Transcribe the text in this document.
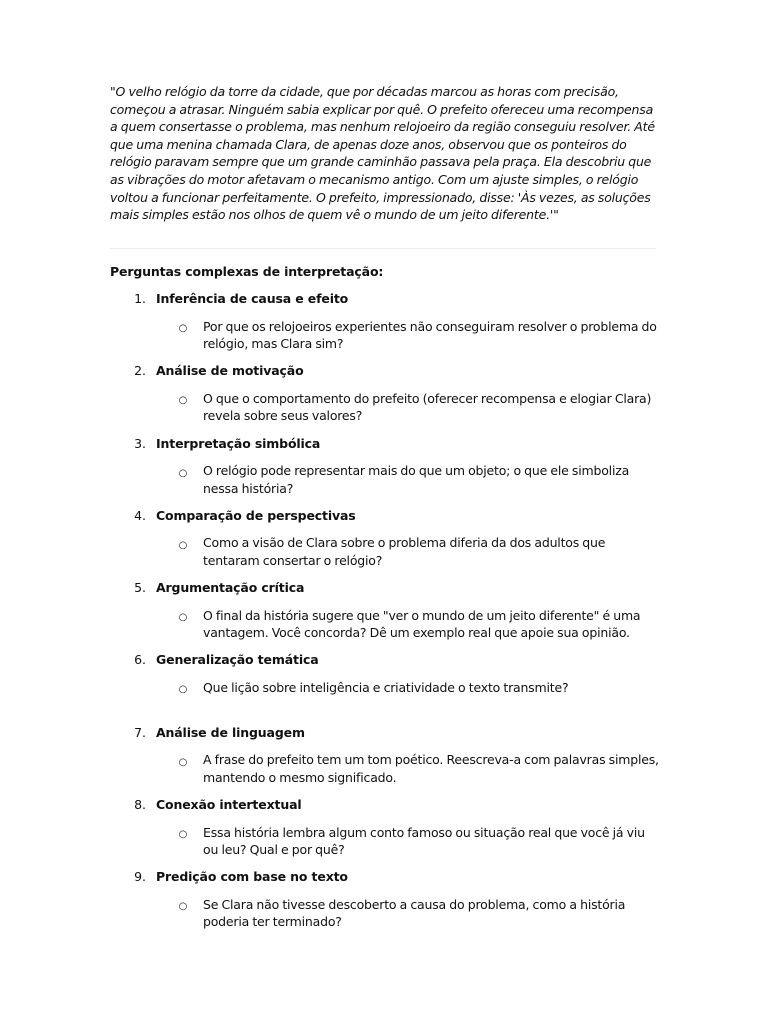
"O velho relógio da torre da cidade, que por décadas marcou as horas com precisão, começou a atrasar. Ninguém sabia explicar por quê. O prefeito ofereceu uma recompensa a quem consertasse o problema, mas nenhum relojoeiro da região conseguiu resolver. Até que uma menina chamada Clara, de apenas doze anos, observou que os ponteiros do relógio paravam sempre que um grande caminhão passava pela praça. Ela descobriu que as vibrações do motor afetavam o mecanismo antigo. Com um ajuste simples, o relógio voltou a funcionar perfeitamente. O prefeito, impressionado, disse: 'Às vezes, as soluções mais simples estão nos olhos de quem vê o mundo de um jeito diferente.'"

Perguntas complexas de interpretação:

1. Inferência de causa e efeito
○ Por que os relojoeiros experientes não conseguiram resolver o problema do relógio, mas Clara sim?
2. Análise de motivação
○ O que o comportamento do prefeito (oferecer recompensa e elogiar Clara) revela sobre seus valores?
3. Interpretação simbólica
○ O relógio pode representar mais do que um objeto; o que ele simboliza nessa história?
4. Comparação de perspectivas
○ Como a visão de Clara sobre o problema diferia da dos adultos que tentaram consertar o relógio?
5. Argumentação crítica
○ O final da história sugere que "ver o mundo de um jeito diferente" é uma vantagem. Você concorda? Dê um exemplo real que apoie sua opinião.
6. Generalização temática
○ Que lição sobre inteligência e criatividade o texto transmite?
7. Análise de linguagem
○ A frase do prefeito tem um tom poético. Reescreva-a com palavras simples, mantendo o mesmo significado.
8. Conexão intertextual
○ Essa história lembra algum conto famoso ou situação real que você já viu ou leu? Qual e por quê?
9. Predição com base no texto
○ Se Clara não tivesse descoberto a causa do problema, como a história poderia ter terminado?
